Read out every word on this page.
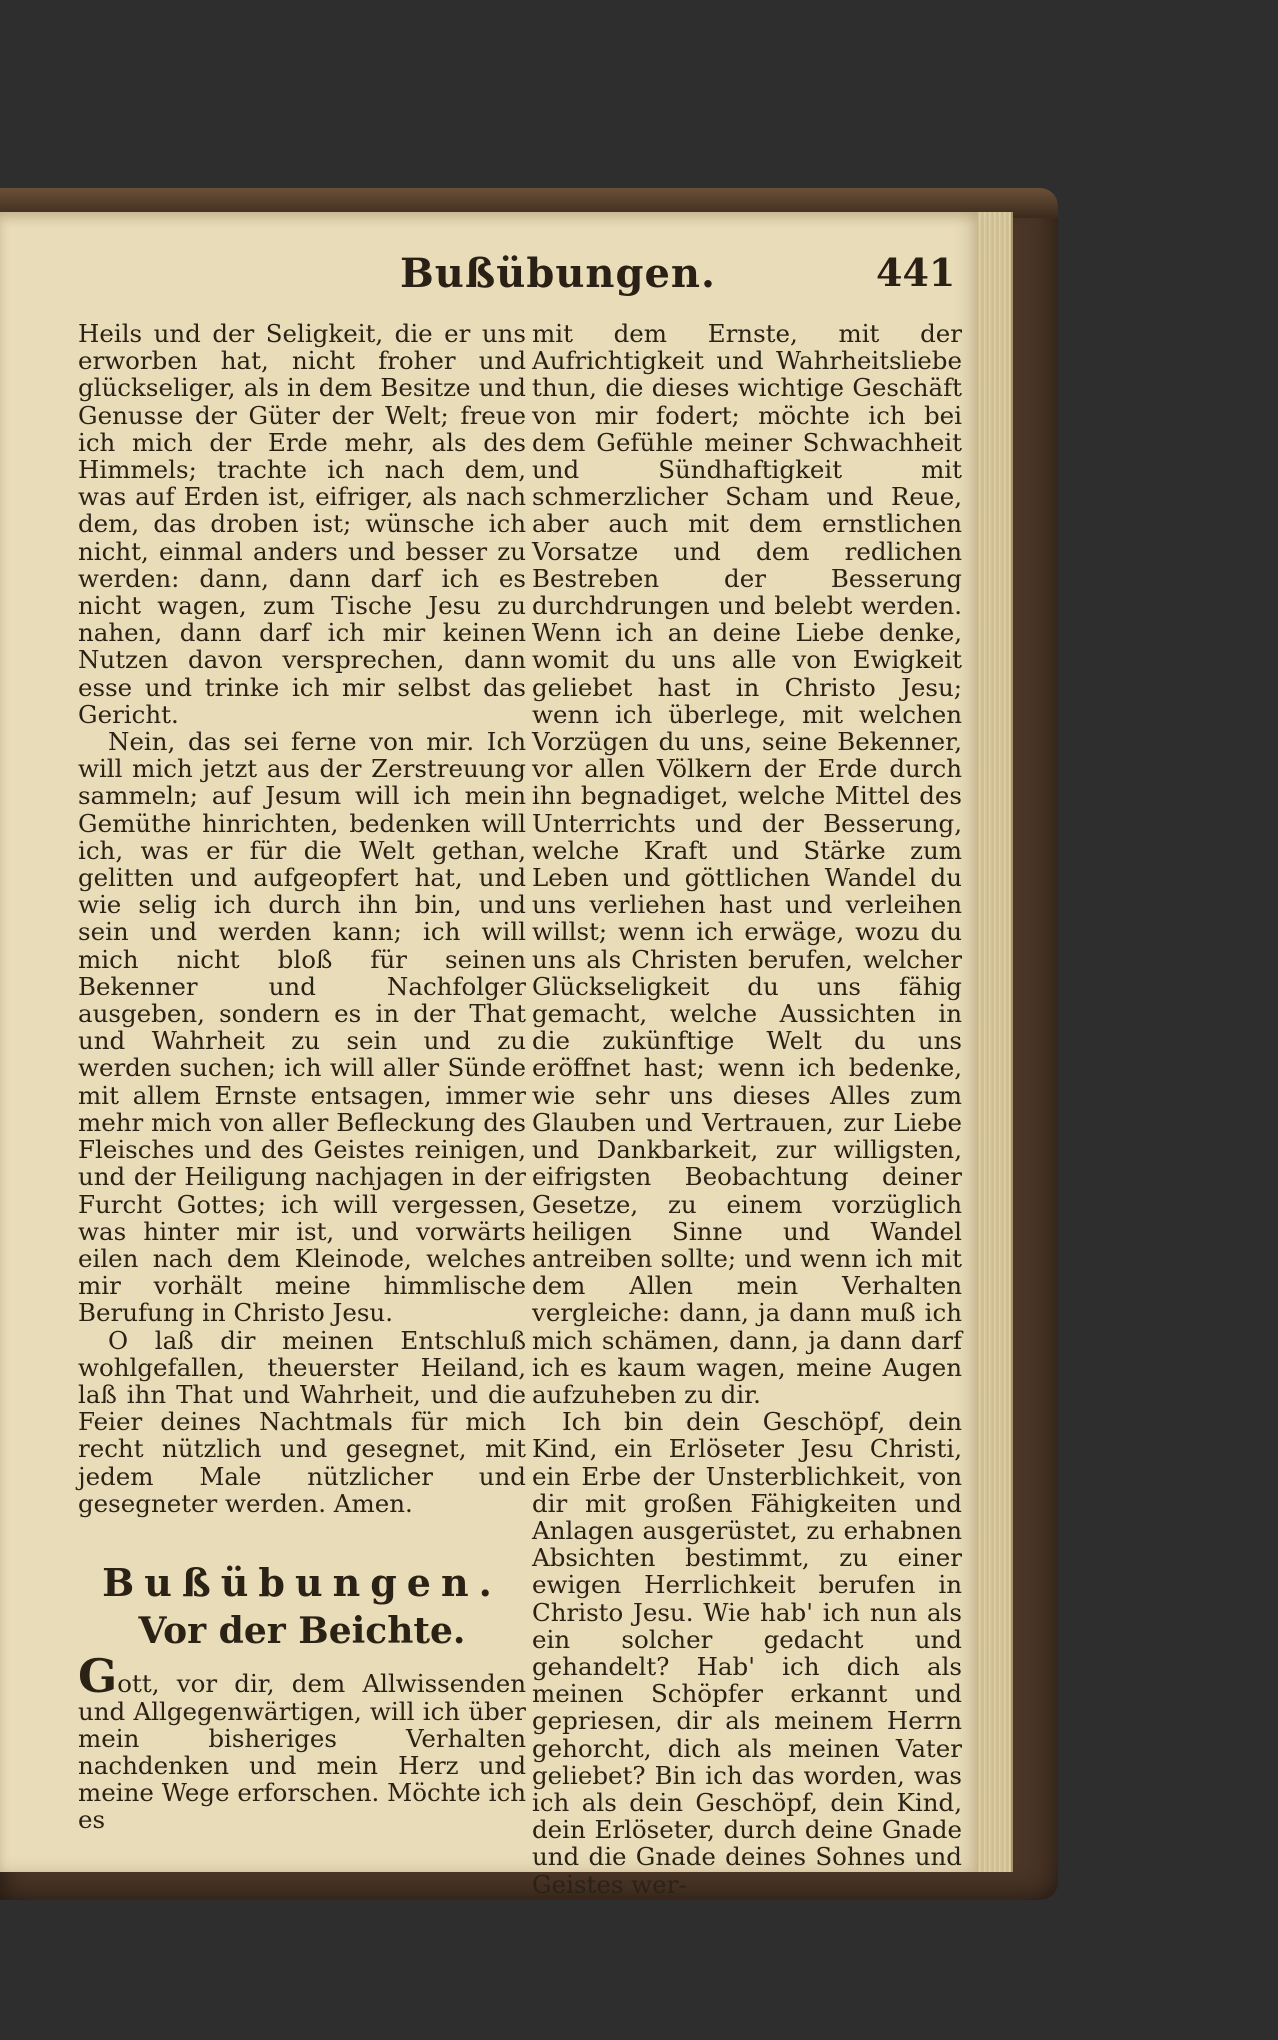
Bußübungen.	441

Heils und der Seligkeit, die er uns erworben hat, nicht froher und glückseliger, als in dem Besitze und Genusse der Güter der Welt; freue ich mich der Erde mehr, als des Himmels; trachte ich nach dem, was auf Erden ist, eifriger, als nach dem, das droben ist; wünsche ich nicht, einmal anders und besser zu werden: dann, dann darf ich es nicht wagen, zum Tische Jesu zu nahen, dann darf ich mir keinen Nutzen davon versprechen, dann esse und trinke ich mir selbst das Gericht.

Nein, das sei ferne von mir. Ich will mich jetzt aus der Zerstreuung sammeln; auf Jesum will ich mein Gemüthe hinrichten, bedenken will ich, was er für die Welt gethan, gelitten und aufgeopfert hat, und wie selig ich durch ihn bin, und sein und werden kann; ich will mich nicht bloß für seinen Bekenner und Nachfolger ausgeben, sondern es in der That und Wahrheit zu sein und zu werden suchen; ich will aller Sünde mit allem Ernste entsagen, immer mehr mich von aller Befleckung des Fleisches und des Geistes reinigen, und der Heiligung nachjagen in der Furcht Gottes; ich will vergessen, was hinter mir ist, und vorwärts eilen nach dem Kleinode, welches mir vorhält meine himmlische Berufung in Christo Jesu.

O laß dir meinen Entschluß wohlgefallen, theuerster Heiland, laß ihn That und Wahrheit, und die Feier deines Nachtmals für mich recht nützlich und gesegnet, mit jedem Male nützlicher und gesegneter werden. Amen.

Bußübungen.
Vor der Beichte.

Gott, vor dir, dem Allwissenden und Allgegenwärtigen, will ich über mein bisheriges Verhalten nachdenken und mein Herz und meine Wege erforschen. Möchte ich es

mit dem Ernste, mit der Aufrichtigkeit und Wahrheitsliebe thun, die dieses wichtige Geschäft von mir fodert; möchte ich bei dem Gefühle meiner Schwachheit und Sündhaftigkeit mit schmerzlicher Scham und Reue, aber auch mit dem ernstlichen Vorsatze und dem redlichen Bestreben der Besserung durchdrungen und belebt werden. Wenn ich an deine Liebe denke, womit du uns alle von Ewigkeit geliebet hast in Christo Jesu; wenn ich überlege, mit welchen Vorzügen du uns, seine Bekenner, vor allen Völkern der Erde durch ihn begnadiget, welche Mittel des Unterrichts und der Besserung, welche Kraft und Stärke zum Leben und göttlichen Wandel du uns verliehen hast und verleihen willst; wenn ich erwäge, wozu du uns als Christen berufen, welcher Glückseligkeit du uns fähig gemacht, welche Aussichten in die zukünftige Welt du uns eröffnet hast; wenn ich bedenke, wie sehr uns dieses Alles zum Glauben und Vertrauen, zur Liebe und Dankbarkeit, zur willigsten, eifrigsten Beobachtung deiner Gesetze, zu einem vorzüglich heiligen Sinne und Wandel antreiben sollte; und wenn ich mit dem Allen mein Verhalten vergleiche: dann, ja dann muß ich mich schämen, dann, ja dann darf ich es kaum wagen, meine Augen aufzuheben zu dir.

Ich bin dein Geschöpf, dein Kind, ein Erlöseter Jesu Christi, ein Erbe der Unsterblichkeit, von dir mit großen Fähigkeiten und Anlagen ausgerüstet, zu erhabnen Absichten bestimmt, zu einer ewigen Herrlichkeit berufen in Christo Jesu. Wie hab' ich nun als ein solcher gedacht und gehandelt? Hab' ich dich als meinen Schöpfer erkannt und gepriesen, dir als meinem Herrn gehorcht, dich als meinen Vater geliebet? Bin ich das worden, was ich als dein Geschöpf, dein Kind, dein Erlöseter, durch deine Gnade und die Gnade deines Sohnes und Geistes wer-
